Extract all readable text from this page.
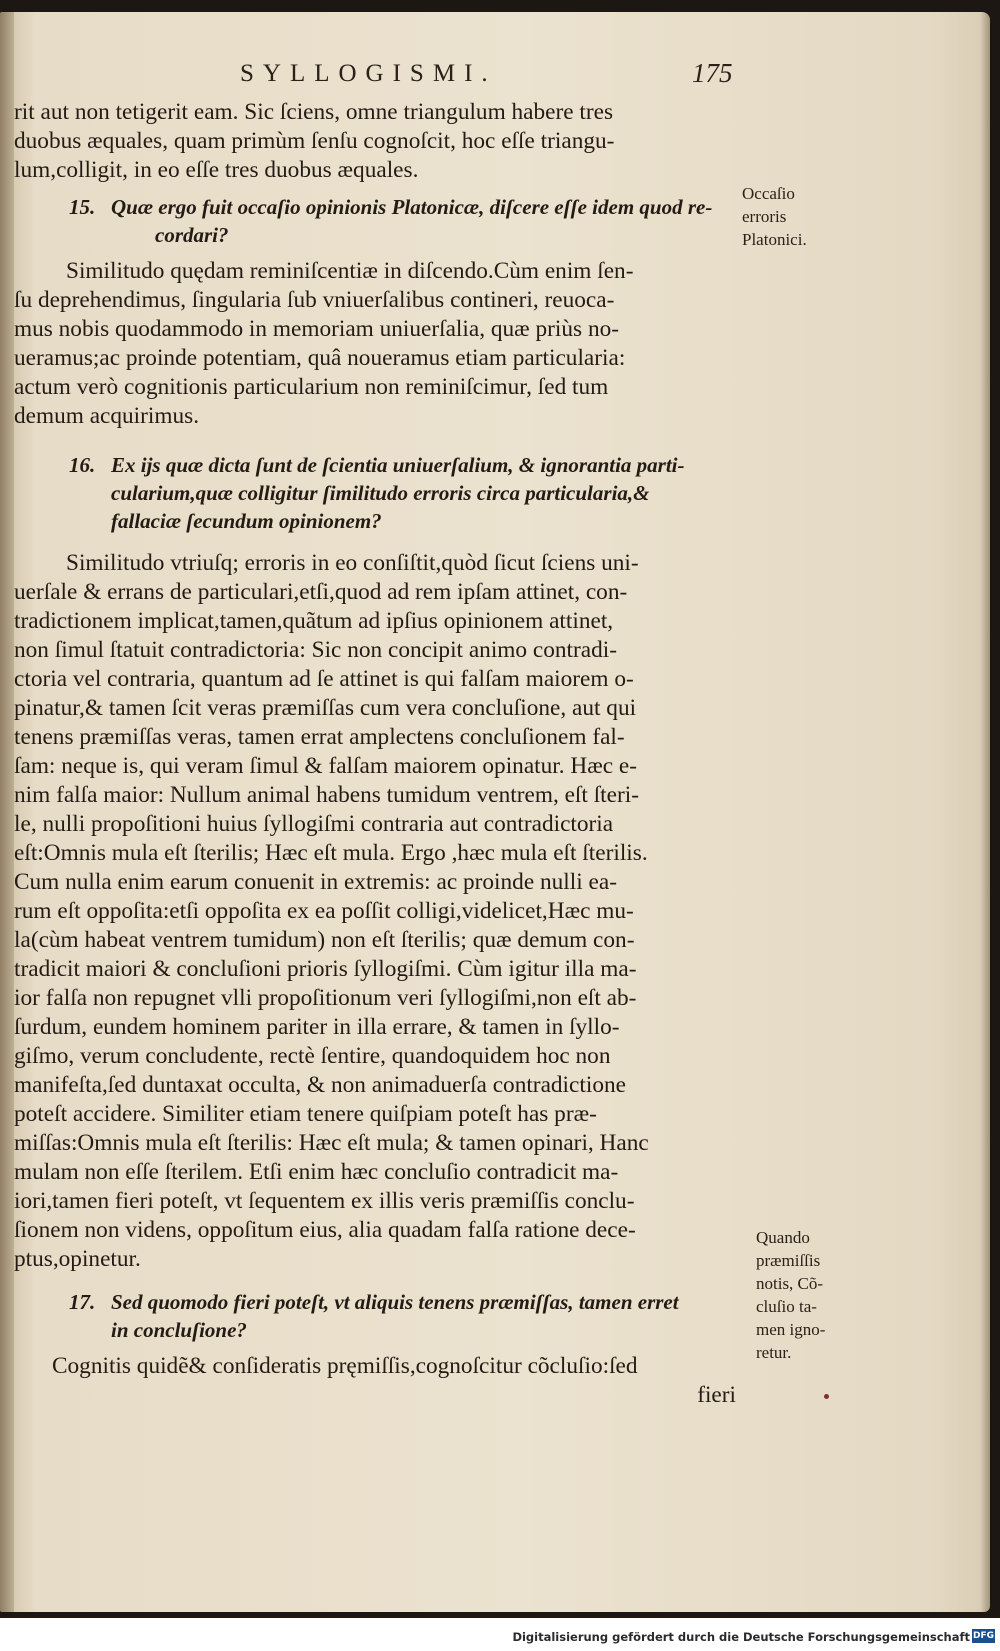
SYLLOGISMI.	175
rit aut non tetigerit eam. Sic ſciens, omne triangulum habere tres
duobus æquales, quam primùm ſenſu cognoſcit, hoc eſſe triangu-
lum,colligit, in eo eſſe tres duobus æquales.
15. Quæ ergo fuit occaſio opinionis Platonicæ, diſcere eſſe idem quod re-
cordari?
Similitudo quędam reminiſcentiæ in diſcendo.Cùm enim ſen-
ſu deprehendimus, ſingularia ſub vniuerſalibus contineri, reuoca-
mus nobis quodammodo in memoriam uniuerſalia, quæ priùs no-
ueramus;ac proinde potentiam, quâ noueramus etiam particularia:
actum verò cognitionis particularium non reminiſcimur, ſed tum
demum acquirimus.
16. Ex ijs quæ dicta ſunt de ſcientia uniuerſalium, & ignorantia parti-
cularium,quæ colligitur ſimilitudo erroris circa particularia,&
fallaciæ ſecundum opinionem?
Similitudo vtriuſq; erroris in eo conſiſtit,quòd ſicut ſciens uni-
uerſale & errans de particulari,etſi,quod ad rem ipſam attinet, con-
tradictionem implicat,tamen,quãtum ad ipſius opinionem attinet,
non ſimul ſtatuit contradictoria: Sic non concipit animo contradi-
ctoria vel contraria, quantum ad ſe attinet is qui falſam maiorem o-
pinatur,& tamen ſcit veras præmiſſas cum vera concluſione, aut qui
tenens præmiſſas veras, tamen errat amplectens concluſionem fal-
ſam: neque is, qui veram ſimul & falſam maiorem opinatur. Hæc e-
nim falſa maior: Nullum animal habens tumidum ventrem, eſt ſteri-
le, nulli propoſitioni huius ſyllogiſmi contraria aut contradictoria
eſt:Omnis mula eſt ſterilis; Hæc eſt mula. Ergo ,hæc mula eſt ſterilis.
Cum nulla enim earum conuenit in extremis: ac proinde nulli ea-
rum eſt oppoſita:etſi oppoſita ex ea poſſit colligi,videlicet,Hæc mu-
la(cùm habeat ventrem tumidum) non eſt ſterilis; quæ demum con-
tradicit maiori & concluſioni prioris ſyllogiſmi. Cùm igitur illa ma-
ior falſa non repugnet vlli propoſitionum veri ſyllogiſmi,non eſt ab-
ſurdum, eundem hominem pariter in illa errare, & tamen in ſyllo-
giſmo, verum concludente, rectè ſentire, quandoquidem hoc non
manifeſta,ſed duntaxat occulta, & non animaduerſa contradictione
poteſt accidere. Similiter etiam tenere quiſpiam poteſt has præ-
miſſas:Omnis mula eſt ſterilis: Hæc eſt mula; & tamen opinari, Hanc
mulam non eſſe ſterilem. Etſi enim hæc concluſio contradicit ma-
iori,tamen fieri poteſt, vt ſequentem ex illis veris præmiſſis conclu-
ſionem non videns, oppoſitum eius, alia quadam falſa ratione dece-
ptus,opinetur.
17. Sed quomodo fieri poteſt, vt aliquis tenens præmiſſas, tamen erret
in concluſione?
Cognitis quidẽ& conſideratis pręmiſſis,cognoſcitur cõcluſio:ſed
fieri
Occaſio
erroris
Platonici.
Quando
præmiſſis
notis, Cõ-
cluſio ta-
men igno-
retur.
Digitalisierung gefördert durch die Deutsche Forschungsgemeinschaft DFG
